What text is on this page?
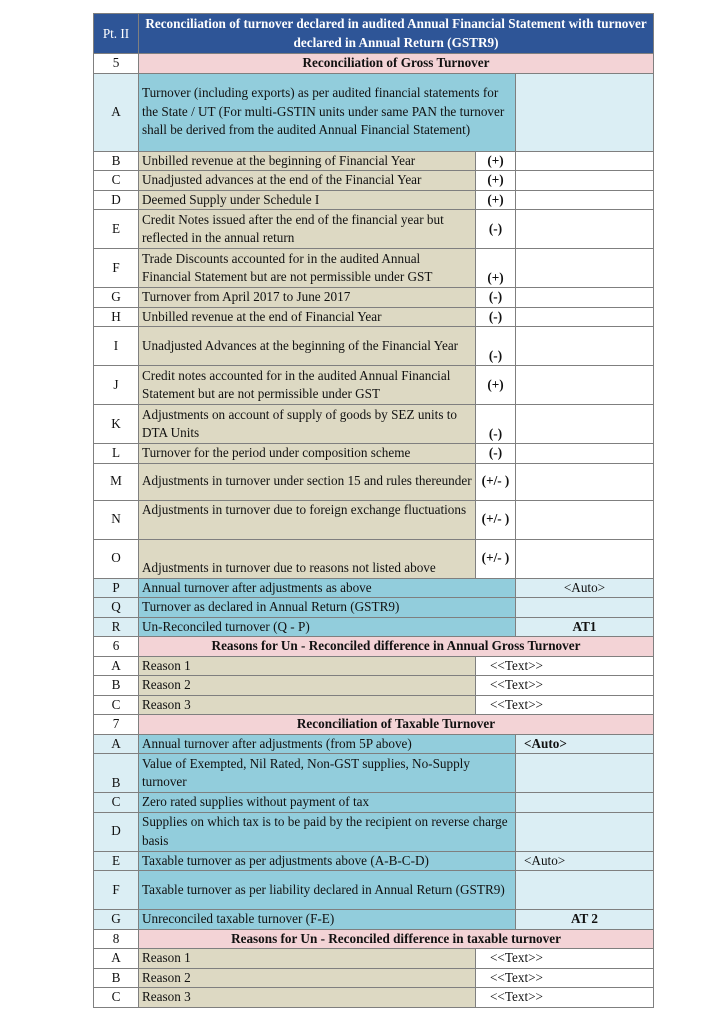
Pt. II	Reconciliation of turnover declared in audited Annual Financial Statement with turnover declared in Annual Return (GSTR9)		
5	Reconciliation of Gross Turnover		
A	Turnover (including exports) as per audited financial statements for the State / UT (For multi-GSTIN units under same PAN the turnover shall be derived from the audited Annual Financial Statement)		
B	Unbilled revenue at the beginning of Financial Year	(+)	
C	Unadjusted advances at the end of the Financial Year	(+)	
D	Deemed Supply under Schedule I	(+)	
E	Credit Notes issued after the end of the financial year but reflected in the annual return	(-)	
F	Trade Discounts accounted for in the audited Annual Financial Statement but are not permissible under GST	(+)	
G	Turnover from April 2017 to June 2017	(-)	
H	Unbilled revenue at the end of Financial Year	(-)	
I	Unadjusted Advances at the beginning of the Financial Year	(-)	
J	Credit notes accounted for in the audited Annual Financial Statement but are not permissible under GST	(+)	
K	Adjustments on account of supply of goods by SEZ units to DTA Units	(-)	
L	Turnover for the period under composition scheme	(-)	
M	Adjustments in turnover under section 15 and rules thereunder	(+/- )	
N	Adjustments in turnover due to foreign exchange fluctuations	(+/- )	
O	Adjustments in turnover due to reasons not listed above	(+/- )	
P	Annual turnover after adjustments as above		<Auto>
Q	Turnover as declared in Annual Return (GSTR9)		
R	Un-Reconciled turnover (Q - P)		AT1
6	Reasons for Un - Reconciled difference in Annual Gross Turnover		
A	Reason 1	<<Text>>	
B	Reason 2	<<Text>>	
C	Reason 3	<<Text>>	
7	Reconciliation of Taxable Turnover		
A	Annual turnover after adjustments (from 5P above)		<Auto>
B	Value of Exempted, Nil Rated, Non-GST supplies, No-Supply turnover		
C	Zero rated supplies without payment of tax		
D	Supplies on which tax is to be paid by the recipient on reverse charge basis		
E	Taxable turnover as per adjustments above (A-B-C-D)		<Auto>
F	Taxable turnover as per liability declared in Annual Return (GSTR9)		
G	Unreconciled taxable turnover (F-E)		AT 2
8	Reasons for Un - Reconciled difference in taxable turnover		
A	Reason 1	<<Text>>	
B	Reason 2	<<Text>>	
C	Reason 3	<<Text>>	
